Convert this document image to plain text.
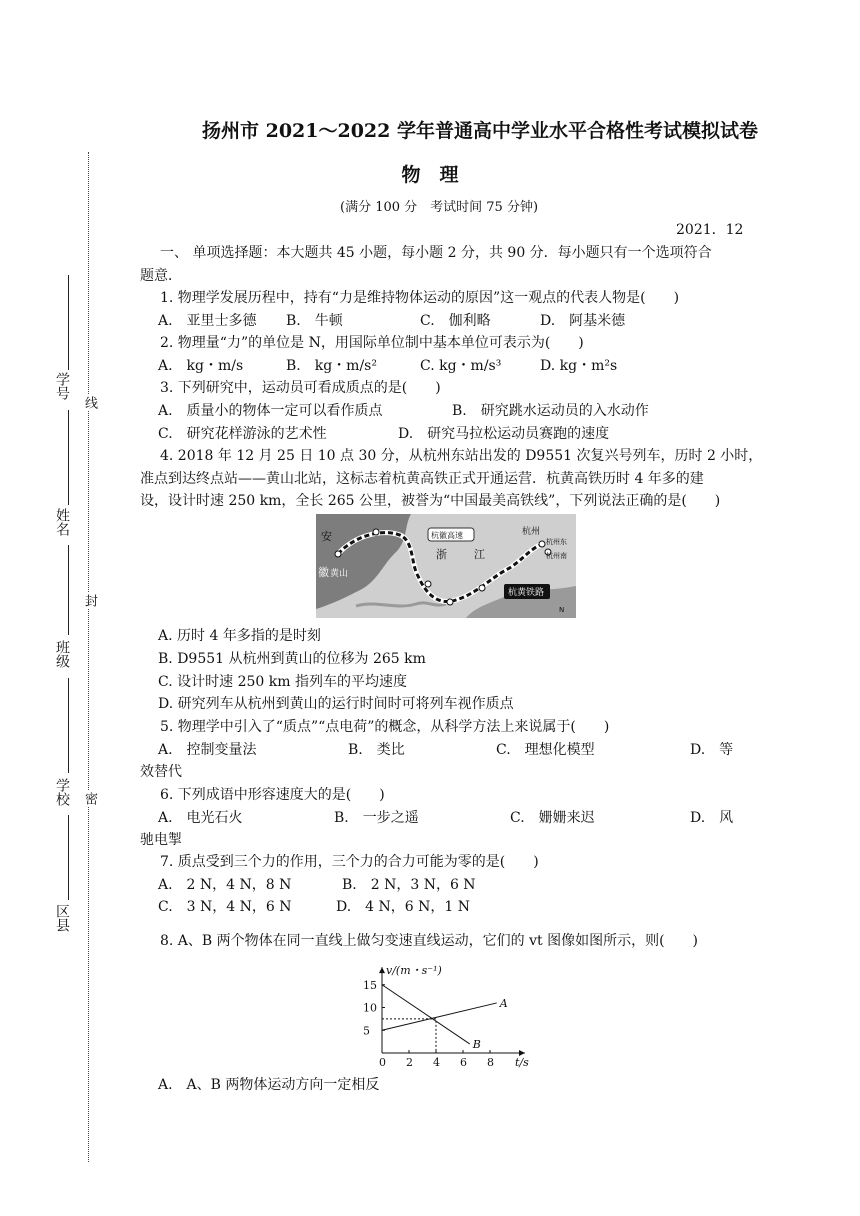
扬州市 2021～2022 学年普通高中学业水平合格性考试模拟试卷
物　理
(满分 100 分　考试时间 75 分钟)
2021．12
学号
姓名
班级
学校
区县
线
封
密
一、 单项选择题：本大题共 45 小题，每小题 2 分，共 90 分．每小题只有一个选项符合
题意．
1. 物理学发展历程中，持有“力是维持物体运动的原因”这一观点的代表人物是(　　)
A.　亚里士多德 B.　牛顿	C.　伽利略	D.　阿基米德
2. 物理量“力”的单位是 N，用国际单位制中基本单位可表示为(　　)
A.　kg・m/s	B.　kg・m/s²	C. kg・m/s³	D. kg・m²s
3. 下列研究中，运动员可看成质点的是(　　)
A.　质量小的物体一定可以看作质点	B.　研究跳水运动员的入水动作
C.　研究花样游泳的艺术性	D.　研究马拉松运动员赛跑的速度
4. 2018 年 12 月 25 日 10 点 30 分，从杭州东站出发的 D9551 次复兴号列车，历时 2 小时，
准点到达终点站——黄山北站，这标志着杭黄高铁正式开通运营．杭黄高铁历时 4 年多的建
设，设计时速 250 km，全长 265 公里，被誉为“中国最美高铁线”，下列说法正确的是(　　)
安
徽 黄山
杭徽高速
浙 江
杭州
杭州东
杭州南
杭黄铁路
N
A. 历时 4 年多指的是时刻
B. D9551 从杭州到黄山的位移为 265 km
C. 设计时速 250 km 指列车的平均速度
D. 研究列车从杭州到黄山的运行时间时可将列车视作质点
5. 物理学中引入了“质点”“点电荷”的概念，从科学方法上来说属于(　　)
A.　控制变量法	B.　类比	C.　理想化模型	D.　等
效替代
6. 下列成语中形容速度大的是(　　)
A.　电光石火	B.　一步之遥	C.　姗姗来迟	D.　风
驰电掣
7. 质点受到三个力的作用，三个力的合力可能为零的是(　　)
A.　2 N，4 N，8 N	B.　2 N，3 N，6 N
C.　3 N，4 N，6 N	D.　4 N，6 N，1 N
8. A、B 两个物体在同一直线上做匀变速直线运动，它们的 vt 图像如图所示，则(　　)
0 2 4 6 8
5
10
15
v/(m・s⁻¹)
t/s
A
B
A.　A、B 两物体运动方向一定相反
